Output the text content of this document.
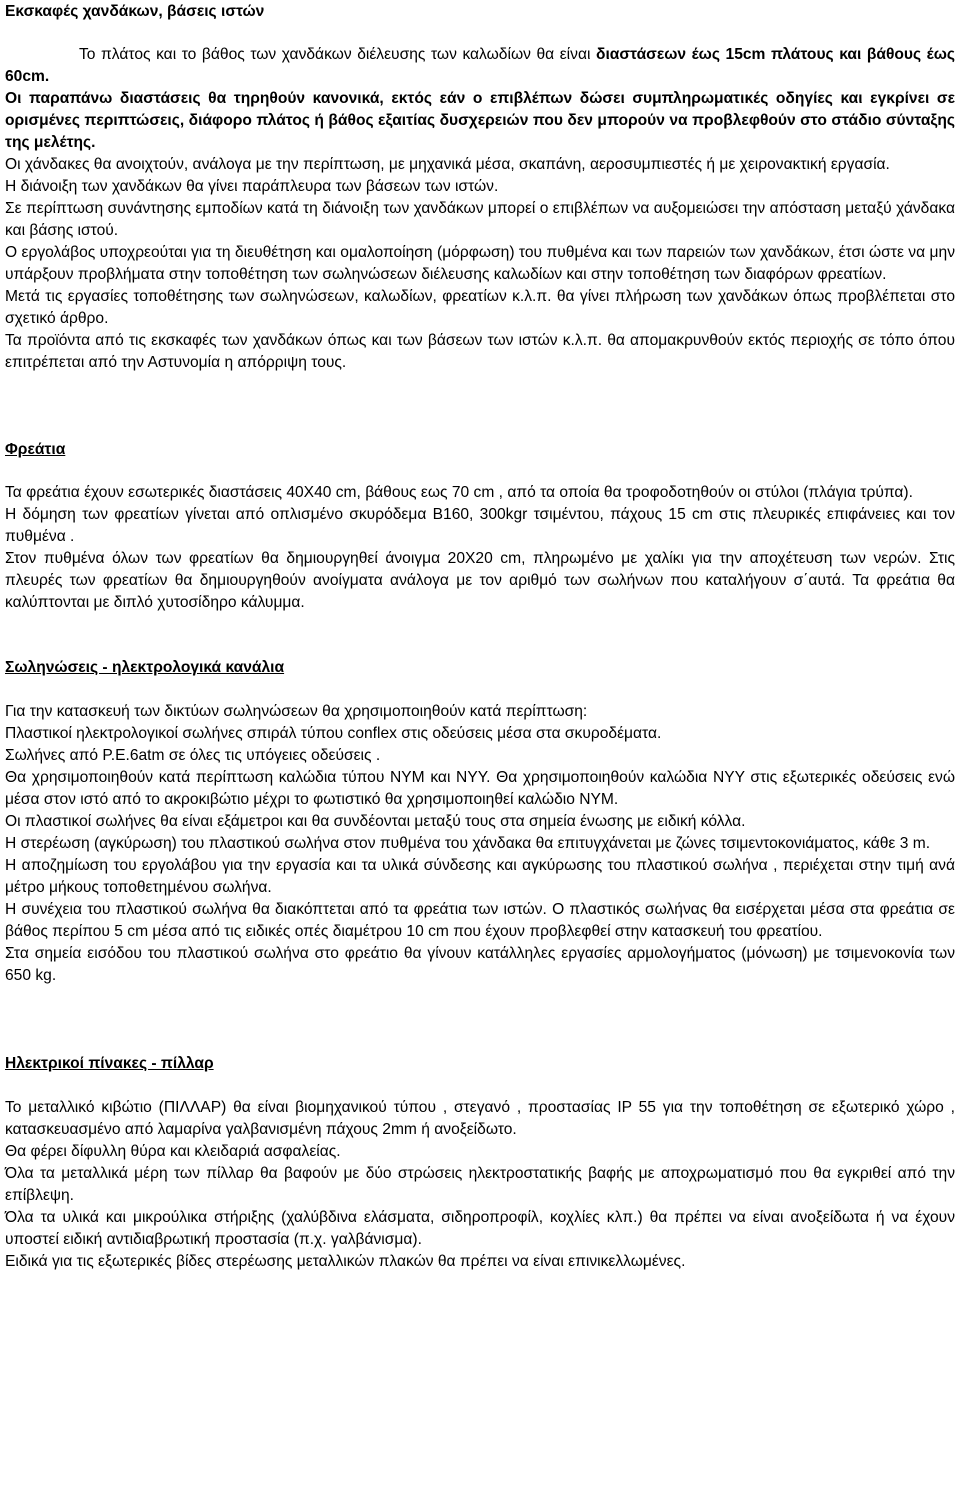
Εκσκαφές χανδάκων, βάσεις ιστών

Το πλάτος και το βάθος των χανδάκων διέλευσης των καλωδίων θα είναι διαστάσεων έως 15cm πλάτους και βάθους έως 60cm.

Οι παραπάνω διαστάσεις θα τηρηθούν κανονικά, εκτός εάν ο επιβλέπων δώσει συμπληρωματικές οδηγίες και εγκρίνει σε ορισμένες περιπτώσεις, διάφορο πλάτος ή βάθος εξαιτίας δυσχερειών που δεν μπορούν να προβλεφθούν στο στάδιο σύνταξης της μελέτης.

Οι χάνδακες θα ανοιχτούν, ανάλογα με την περίπτωση, με μηχανικά μέσα, σκαπάνη, αεροσυμπιεστές ή με χειρονακτική εργασία.

Η διάνοιξη των χανδάκων θα γίνει παράπλευρα των βάσεων των ιστών.

Σε περίπτωση συνάντησης εμποδίων κατά τη διάνοιξη των χανδάκων μπορεί ο επιβλέπων να αυξομειώσει την απόσταση μεταξύ χάνδακα και βάσης ιστού.

Ο εργολάβος υποχρεούται για τη διευθέτηση και ομαλοποίηση (μόρφωση) του πυθμένα και των παρειών των χανδάκων, έτσι ώστε να μην υπάρξουν προβλήματα στην τοποθέτηση των σωληνώσεων διέλευσης καλωδίων και στην τοποθέτηση των διαφόρων φρεατίων.

Μετά τις εργασίες τοποθέτησης των σωληνώσεων, καλωδίων, φρεατίων κ.λ.π. θα γίνει πλήρωση των χανδάκων όπως προβλέπεται στο σχετικό άρθρο.

Τα προϊόντα από τις εκσκαφές των χανδάκων όπως και των βάσεων των ιστών κ.λ.π. θα απομακρυνθούν εκτός περιοχής σε τόπο όπου επιτρέπεται από την Αστυνομία η απόρριψη τους.

Φρεάτια

Τα φρεάτια έχουν εσωτερικές διαστάσεις 40Χ40 cm, βάθους εως 70 cm , από τα οποία θα τροφοδοτηθούν οι στύλοι (πλάγια τρύπα).

Η δόμηση των φρεατίων γίνεται από οπλισμένο σκυρόδεμα Β160, 300kgr τσιμέντου, πάχους 15 cm στις πλευρικές επιφάνειες και τον πυθμένα .

Στον πυθμένα όλων των φρεατίων θα δημιουργηθεί άνοιγμα 20Χ20 cm, πληρωμένο με χαλίκι για την αποχέτευση των νερών. Στις πλευρές των φρεατίων θα δημιουργηθούν ανοίγματα ανάλογα με τον αριθμό των σωλήνων που καταλήγουν σ΄αυτά. Τα φρεάτια θα καλύπτονται με διπλό χυτοσίδηρο κάλυμμα.

Σωληνώσεις - ηλεκτρολογικά κανάλια

Για την κατασκευή των δικτύων σωληνώσεων θα χρησιμοποιηθούν κατά περίπτωση:

Πλαστικοί ηλεκτρολογικοί σωλήνες σπιράλ τύπου conflex στις οδεύσεις μέσα στα σκυροδέματα.

Σωλήνες από P.E.6atm σε όλες τις υπόγειες οδεύσεις .

Θα χρησιμοποιηθούν κατά περίπτωση καλώδια τύπου NYM και NYY. Θα χρησιμοποιηθούν καλώδια NYY στις εξωτερικές οδεύσεις ενώ μέσα στον ιστό από το ακροκιβώτιο μέχρι το φωτιστικό θα χρησιμοποιηθεί καλώδιο NYM.

Οι πλαστικοί σωλήνες θα είναι εξάμετροι και θα συνδέονται μεταξύ τους στα σημεία ένωσης με ειδική κόλλα.

Η στερέωση (αγκύρωση) του πλαστικού σωλήνα στον πυθμένα του χάνδακα θα επιτυγχάνεται με ζώνες τσιμεντοκονιάματος, κάθε 3 m.

Η αποζημίωση του εργολάβου για την εργασία και τα υλικά σύνδεσης και αγκύρωσης του πλαστικού σωλήνα , περιέχεται στην τιμή ανά μέτρο μήκους τοποθετημένου σωλήνα.

Η συνέχεια του πλαστικού σωλήνα θα διακόπτεται από τα φρεάτια των ιστών. Ο πλαστικός σωλήνας θα εισέρχεται μέσα στα φρεάτια σε βάθος περίπου 5 cm μέσα από τις ειδικές οπές διαμέτρου 10 cm που έχουν προβλεφθεί στην κατασκευή του φρεατίου.

Στα σημεία εισόδου του πλαστικού σωλήνα στο φρεάτιο θα γίνουν κατάλληλες εργασίες αρμολογήματος (μόνωση) με τσιμενοκονία των 650 kg.

Ηλεκτρικοί πίνακες - πίλλαρ

Το μεταλλικό κιβώτιο (ΠΙΛΛΑΡ) θα είναι βιομηχανικού τύπου , στεγανό , προστασίας IP 55 για την τοποθέτηση σε εξωτερικό χώρο , κατασκευασμένο από λαμαρίνα γαλβανισμένη πάχους 2mm ή ανοξείδωτο.

Θα φέρει δίφυλλη θύρα και κλειδαριά ασφαλείας.

Όλα τα μεταλλικά μέρη των πίλλαρ θα βαφούν με δύο στρώσεις ηλεκτροστατικής βαφής με αποχρωματισμό που θα εγκριθεί από την επίβλεψη.

Όλα τα υλικά και μικρούλικα στήριξης (χαλύβδινα ελάσματα, σιδηροπροφίλ, κοχλίες κλπ.) θα πρέπει να είναι ανοξείδωτα ή να έχουν υποστεί ειδική αντιδιαβρωτική προστασία (π.χ. γαλβάνισμα).

Ειδικά για τις εξωτερικές βίδες στερέωσης μεταλλικών πλακών θα πρέπει να είναι επινικελλωμένες.
